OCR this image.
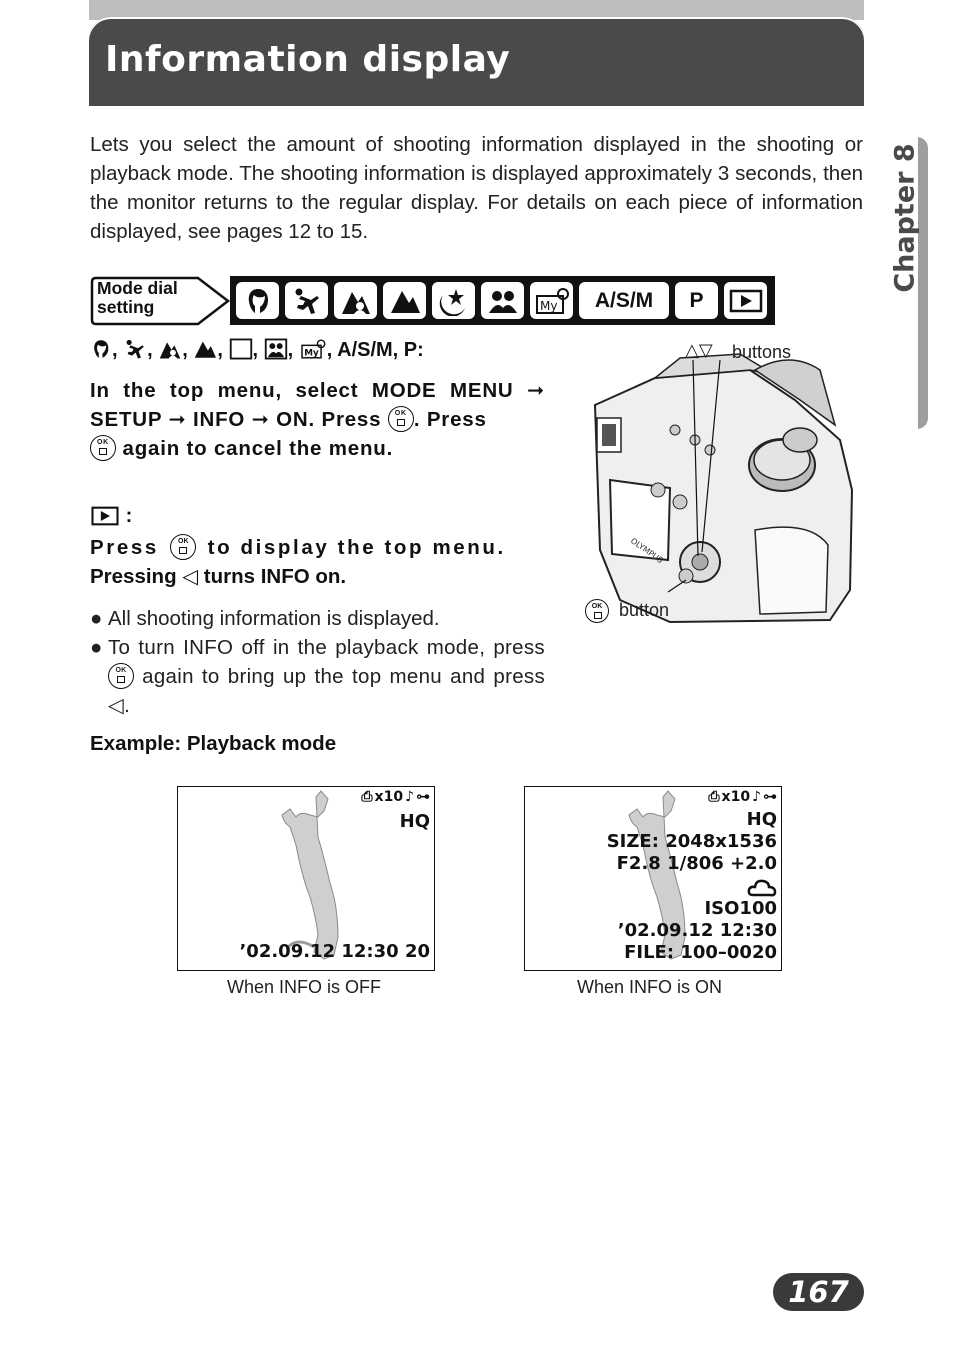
Information display
Chapter 8

Lets you select the amount of shooting information displayed in the shooting or playback mode. The shooting information is displayed approximately 3 seconds, then the monitor returns to the regular display. For details on each piece of information displayed, see pages 12 to 15.

Mode dial
setting	My A/S/M P
, , , , , , My , A/S/M, P:

In the top menu, select MODE MENU ➞ SETUP ➞ INFO ➞ ON. Press	OK . Press

OK again to cancel the menu.

:

Press	OK to display the top menu.
Pressing ◁ turns INFO on.

● All shooting information is displayed.
● To turn INFO off in the playback mode, press
OK again to bring up the top menu and press ◁.
Example: Playback mode
OLYMPUS
△▽ buttons
OK button
⎙ x10 ♪ ⊶
HQ
’02.09.12 12:30 20
When INFO is OFF
⎙ x10 ♪ ⊶
HQ
SIZE: 2048x1536
F2.8 1/806 +2.0
ISO100
’02.09.12 12:30
FILE: 100–0020
When INFO is ON
167
